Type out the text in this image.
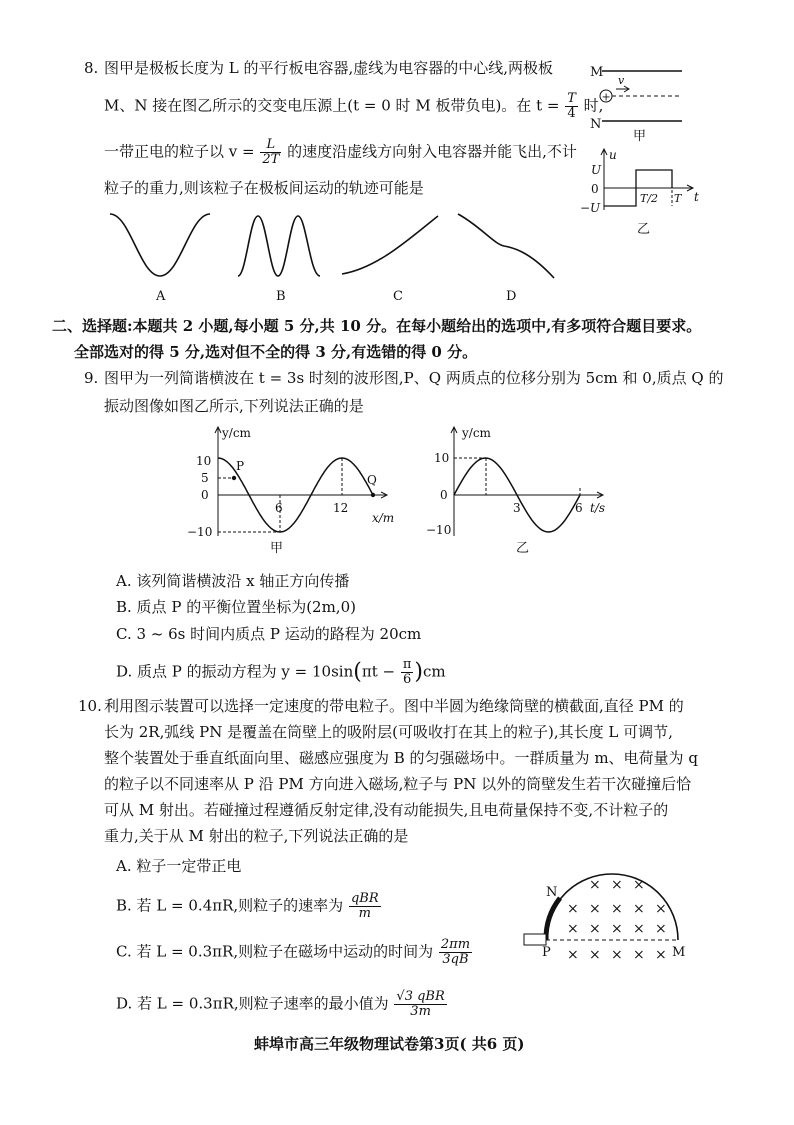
8. 图甲是极板长度为 L 的平行板电容器,虚线为电容器的中心线,两极板
M、N 接在图乙所示的交变电压源上(t = 0 时 M 板带负电)。在 $t = \frac{T}{4}$ 时,
一带正电的粒子以 $v = \frac{L}{2T}$ 的速度沿虚线方向射入电容器并能飞出,不计
粒子的重力,则该粒子在极板间运动的轨迹可能是
M
+
v
N
甲
u
t
U
0
−U
T/2 T
乙
A	B	C	D
二、选择题:本题共 2 小题,每小题 5 分,共 10 分。在每小题给出的选项中,有多项符合题目要求。
全部选对的得 5 分,选对但不全的得 3 分,有选错的得 0 分。
9. 图甲为一列简谐横波在 t = 3s 时刻的波形图,P、Q 两质点的位移分别为 5cm 和 0,质点 Q 的
振动图像如图乙所示,下列说法正确的是
y/cm
x/m
10
5
0
−10
6	12
P
Q
甲
y/cm
t/s
10
0
−10
3	6
乙
A. 该列简谐横波沿 x 轴正方向传播
B. 质点 P 的平衡位置坐标为(2m,0)
C. 3 ~ 6s 时间内质点 P 运动的路程为 20cm
D. 质点 P 的振动方程为 $y = 10\sin(\pi t - \frac{\pi}{6} )cm$
10. 利用图示装置可以选择一定速度的带电粒子。图中半圆为绝缘筒壁的横截面,直径 PM 的
长为 2R,弧线 PN 是覆盖在筒壁上的吸附层(可吸收打在其上的粒子),其长度 L 可调节,
整个装置处于垂直纸面向里、磁感应强度为 B 的匀强磁场中。一群质量为 m、电荷量为 q
的粒子以不同速率从 P 沿 PM 方向进入磁场,粒子与 PN 以外的筒壁发生若干次碰撞后恰
可从 M 射出。若碰撞过程遵循反射定律,没有动能损失,且电荷量保持不变,不计粒子的
重力,关于从 M 射出的粒子,下列说法正确的是
A. 粒子一定带正电
B. 若 L = 0.4πR,则粒子的速率为 $\frac{\text{qBR}}{m}$
C. 若 L = 0.3πR,则粒子在磁场中运动的时间为 $\frac{2\pi m}{3qB}$
D. 若 L = 0.3πR,则粒子速率的最小值为 $\frac{\text{√3 qBR}}{3m}$
× × ×
× × × × ×
× × × × ×
× × × × ×
N
P	M
蚌埠市高三年级物理试卷第3页( 共6 页)
